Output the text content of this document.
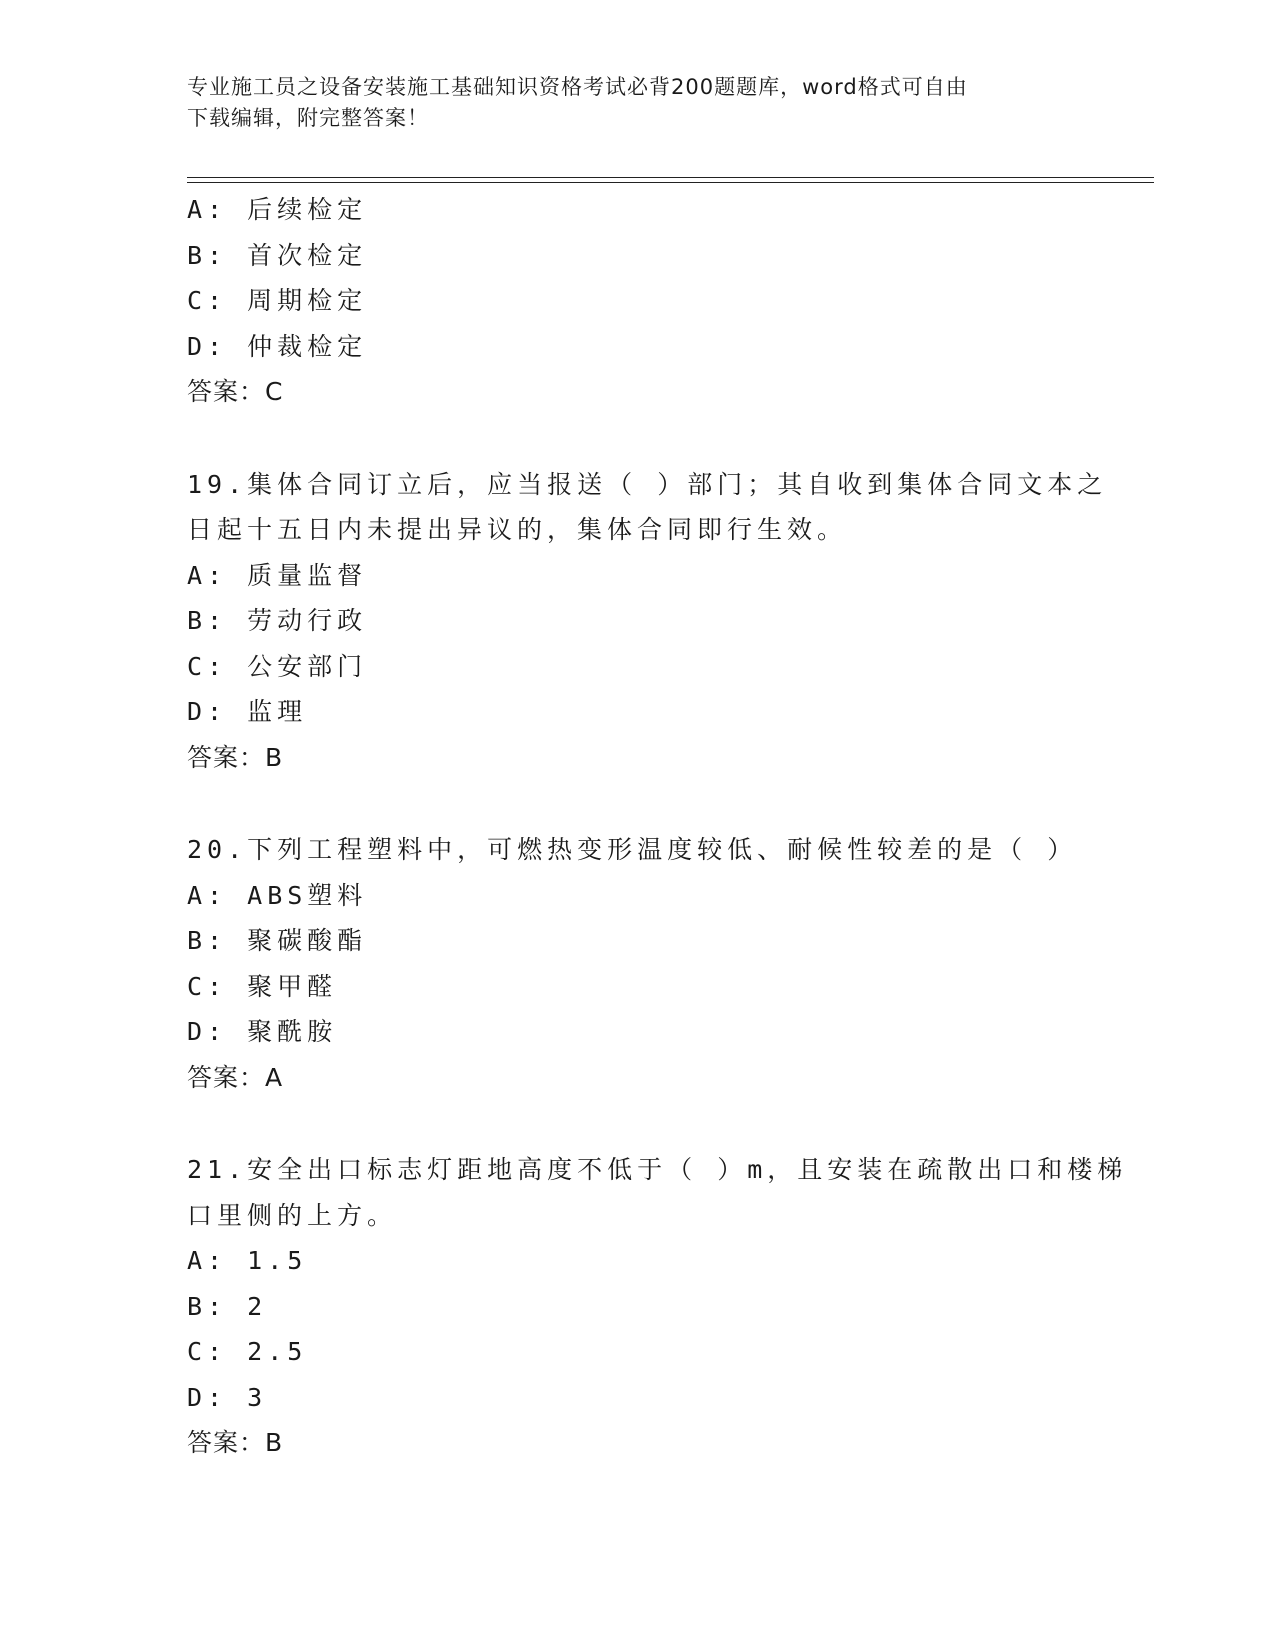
专业施工员之设备安装施工基础知识资格考试必背200题题库，word格式可自由
下载编辑，附完整答案！
A: 后续检定
B: 首次检定
C: 周期检定
D: 仲裁检定
答案：C
19.集体合同订立后，应当报送（ ）部门；其自收到集体合同文本之
日起十五日内未提出异议的，集体合同即行生效。
A: 质量监督
B: 劳动行政
C: 公安部门
D: 监理
答案：B
20.下列工程塑料中，可燃热变形温度较低、耐候性较差的是（ ）
A: ABS塑料
B: 聚碳酸酯
C: 聚甲醛
D: 聚酰胺
答案：A
21.安全出口标志灯距地高度不低于（ ）m，且安装在疏散出口和楼梯
口里侧的上方。
A: 1.5
B: 2
C: 2.5
D: 3
答案：B
